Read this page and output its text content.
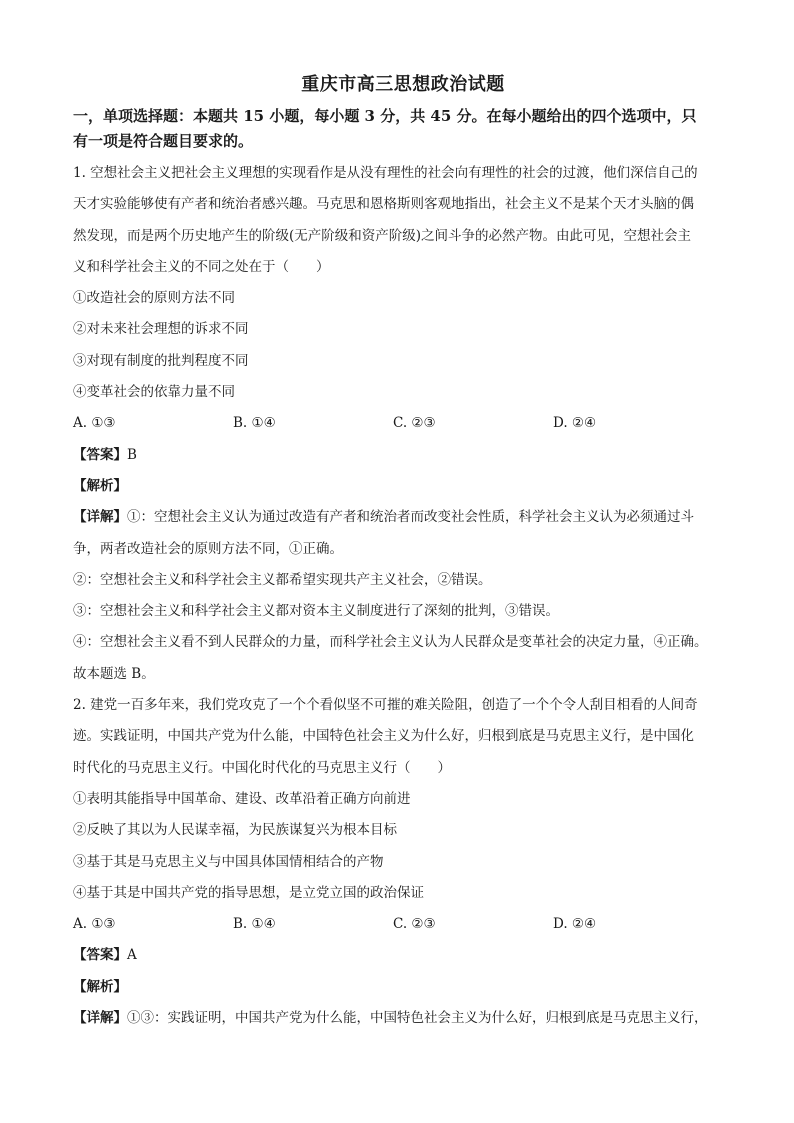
重庆市高三思想政治试题
一，单项选择题：本题共 15 小题，每小题 3 分，共 45 分。在每小题给出的四个选项中，只
有一项是符合题目要求的。

1. 空想社会主义把社会主义理想的实现看作是从没有理性的社会向有理性的社会的过渡，他们深信自己的

天才实验能够使有产者和统治者感兴趣。马克思和恩格斯则客观地指出，社会主义不是某个天才头脑的偶

然发现，而是两个历史地产生的阶级(无产阶级和资产阶级)之间斗争的必然产物。由此可见，空想社会主

义和科学社会主义的不同之处在于（　　）

①改造社会的原则方法不同

②对未来社会理想的诉求不同

③对现有制度的批判程度不同

④变革社会的依靠力量不同

A. ①③	B. ①④	C. ②③	D. ②④

【答案】B

【解析】

【详解】①：空想社会主义认为通过改造有产者和统治者而改变社会性质，科学社会主义认为必须通过斗

争，两者改造社会的原则方法不同，①正确。

②：空想社会主义和科学社会主义都希望实现共产主义社会，②错误。

③：空想社会主义和科学社会主义都对资本主义制度进行了深刻的批判，③错误。

④：空想社会主义看不到人民群众的力量，而科学社会主义认为人民群众是变革社会的决定力量，④正确。

故本题选 B。

2. 建党一百多年来，我们党攻克了一个个看似坚不可摧的难关险阻，创造了一个个令人刮目相看的人间奇

迹。实践证明，中国共产党为什么能，中国特色社会主义为什么好，归根到底是马克思主义行，是中国化

时代化的马克思主义行。中国化时代化的马克思主义行（　　）

①表明其能指导中国革命、建设、改革沿着正确方向前进

②反映了其以为人民谋幸福，为民族谋复兴为根本目标

③基于其是马克思主义与中国具体国情相结合的产物

④基于其是中国共产党的指导思想，是立党立国的政治保证

A. ①③	B. ①④	C. ②③	D. ②④

【答案】A

【解析】

【详解】①③：实践证明，中国共产党为什么能，中国特色社会主义为什么好，归根到底是马克思主义行，
